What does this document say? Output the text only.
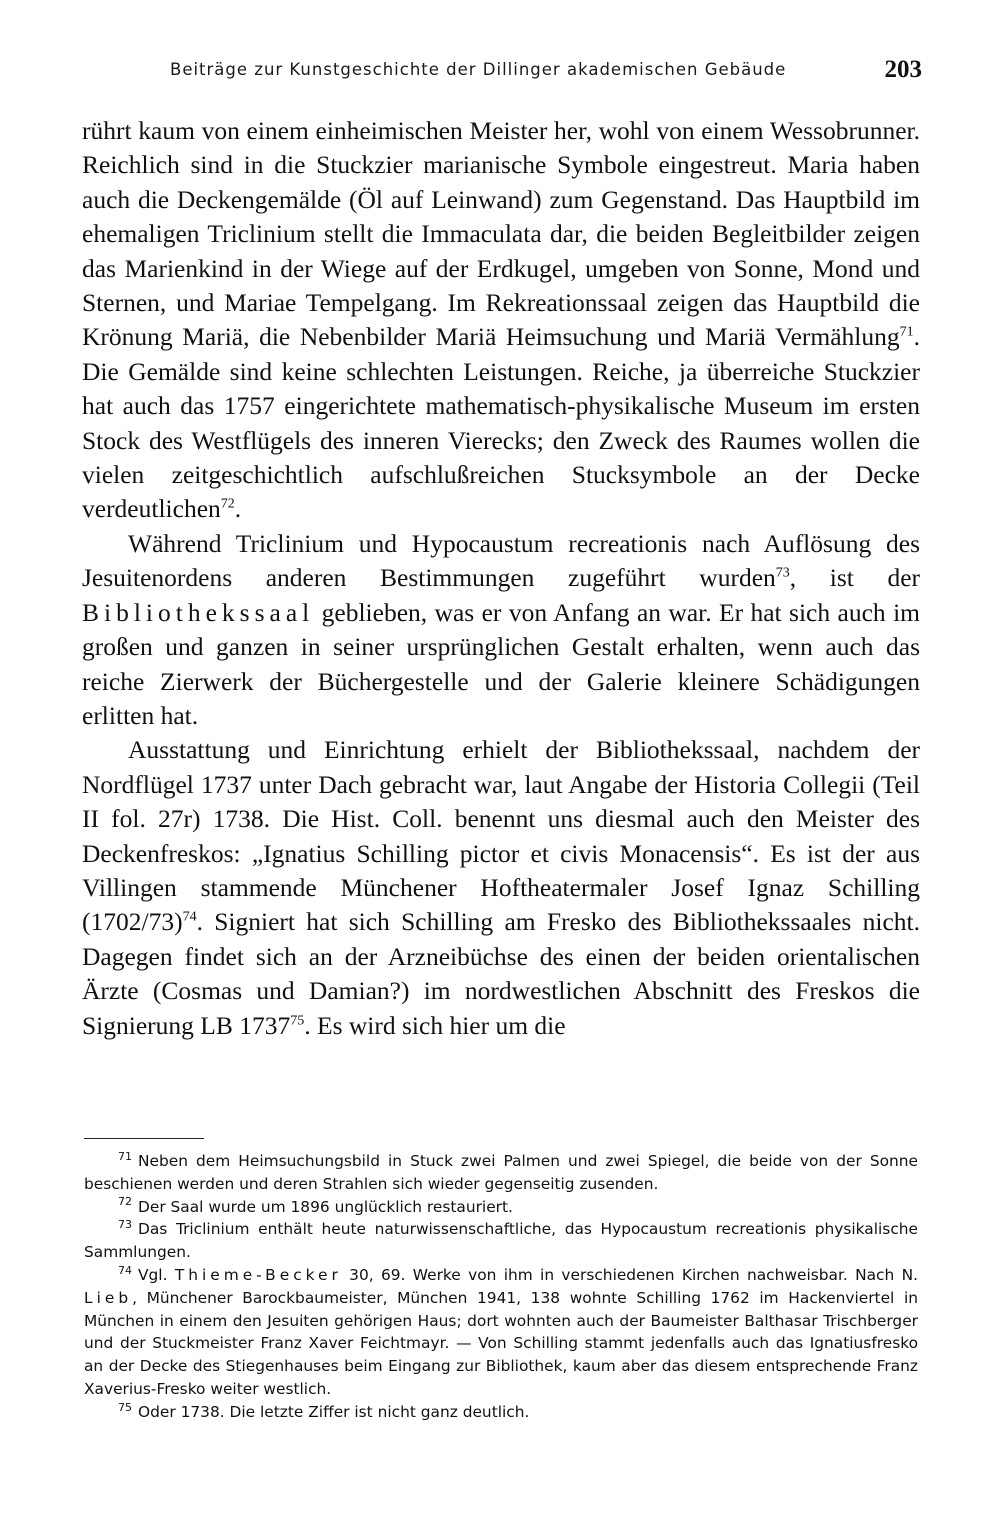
Beiträge zur Kunstgeschichte der Dillinger akademischen Gebäude	203

rührt kaum von einem einheimischen Meister her, wohl von einem Wessobrunner. Reichlich sind in die Stuckzier marianische Symbole eingestreut. Maria haben auch die Deckengemälde (Öl auf Leinwand) zum Gegenstand. Das Hauptbild im ehemaligen Triclinium stellt die Immaculata dar, die beiden Begleitbilder zeigen das Marienkind in der Wiege auf der Erdkugel, umgeben von Sonne, Mond und Sternen, und Mariae Tempelgang. Im Rekreationssaal zeigen das Hauptbild die Krönung Mariä, die Nebenbilder Mariä Heimsuchung und Mariä Vermählung$^{71}$. Die Gemälde sind keine schlechten Leistungen. Reiche, ja überreiche Stuckzier hat auch das 1757 eingerichtete mathematisch-physikalische Museum im ersten Stock des Westflügels des inneren Vierecks; den Zweck des Raumes wollen die vielen zeitgeschichtlich aufschlußreichen Stucksymbole an der Decke verdeutlichen$^{72}$.

Während Triclinium und Hypocaustum recreationis nach Auflösung des Jesuitenordens anderen Bestimmungen zugeführt wurden$^{73}$, ist der Bibliothekssaal geblieben, was er von Anfang an war. Er hat sich auch im großen und ganzen in seiner ursprünglichen Gestalt erhalten, wenn auch das reiche Zierwerk der Büchergestelle und der Galerie kleinere Schädigungen erlitten hat.

Ausstattung und Einrichtung erhielt der Bibliothekssaal, nachdem der Nordflügel 1737 unter Dach gebracht war, laut Angabe der Historia Collegii (Teil II fol. 27r) 1738. Die Hist. Coll. benennt uns diesmal auch den Meister des Deckenfreskos: „Ignatius Schilling pictor et civis Monacensis“. Es ist der aus Villingen stammende Münchener Hoftheatermaler Josef Ignaz Schilling (1702/73)$^{74}$. Signiert hat sich Schilling am Fresko des Bibliothekssaales nicht. Dagegen findet sich an der Arzneibüchse des einen der beiden orientalischen Ärzte (Cosmas und Damian?) im nordwestlichen Abschnitt des Freskos die Signierung LB 1737$^{75}$. Es wird sich hier um die

$^{71}$ Neben dem Heimsuchungsbild in Stuck zwei Palmen und zwei Spiegel, die beide von der Sonne beschienen werden und deren Strahlen sich wieder gegenseitig zusenden.

$^{72}$ Der Saal wurde um 1896 unglücklich restauriert.

$^{73}$ Das Triclinium enthält heute naturwissenschaftliche, das Hypocaustum recreationis physikalische Sammlungen.

$^{74}$ Vgl. Thieme-Becker 30, 69. Werke von ihm in verschiedenen Kirchen nachweisbar. Nach N. Lieb, Münchener Barockbaumeister, München 1941, 138 wohnte Schilling 1762 im Hackenviertel in München in einem den Jesuiten gehörigen Haus; dort wohnten auch der Baumeister Balthasar Trischberger und der Stuckmeister Franz Xaver Feichtmayr. — Von Schilling stammt jedenfalls auch das Ignatiusfresko an der Decke des Stiegenhauses beim Eingang zur Bibliothek, kaum aber das diesem entsprechende Franz Xaverius-Fresko weiter westlich.

$^{75}$ Oder 1738. Die letzte Ziffer ist nicht ganz deutlich.
